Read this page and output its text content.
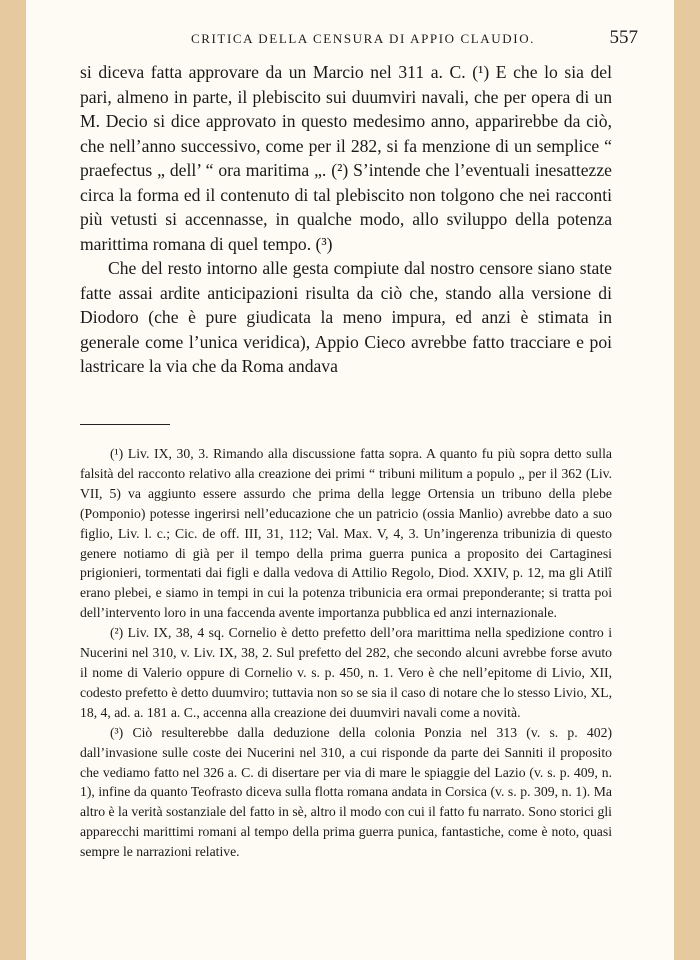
CRITICA DELLA CENSURA DI APPIO CLAUDIO.	557

si diceva fatta approvare da un Marcio nel 311 a. C. (¹) E che lo sia del pari, almeno in parte, il plebiscito sui duumviri navali, che per opera di un M. Decio si dice approvato in questo medesimo anno, apparirebbe da ciò, che nell’anno successivo, come per il 282, si fa menzione di un semplice “ praefectus „ dell’ “ ora maritima „. (²) S’intende che l’eventuali inesattezze circa la forma ed il contenuto di tal plebiscito non tolgono che nei racconti più vetusti si accennasse, in qualche modo, allo sviluppo della potenza marittima romana di quel tempo. (³)

Che del resto intorno alle gesta compiute dal nostro censore siano state fatte assai ardite anticipazioni risulta da ciò che, stando alla versione di Diodoro (che è pure giudicata la meno impura, ed anzi è stimata in generale come l’unica veridica), Appio Cieco avrebbe fatto tracciare e poi lastricare la via che da Roma andava

(¹) Liv. IX, 30, 3. Rimando alla discussione fatta sopra. A quanto fu più sopra detto sulla falsità del racconto relativo alla creazione dei primi “ tribuni militum a populo „ per il 362 (Liv. VII, 5) va aggiunto essere assurdo che prima della legge Ortensia un tribuno della plebe (Pomponio) potesse ingerirsi nell’educazione che un patricio (ossia Manlio) avrebbe dato a suo figlio, Liv. l. c.; Cic. de off. III, 31, 112; Val. Max. V, 4, 3. Un’ingerenza tribunizia di questo genere notiamo di già per il tempo della prima guerra punica a proposito dei Cartaginesi prigionieri, tormentati dai figli e dalla vedova di Attilio Regolo, Diod. XXIV, p. 12, ma gli Atilî erano plebei, e siamo in tempi in cui la potenza tribunicia era ormai preponderante; si tratta poi dell’intervento loro in una faccenda avente importanza pubblica ed anzi internazionale.

(²) Liv. IX, 38, 4 sq. Cornelio è detto prefetto dell’ora marittima nella spedizione contro i Nucerini nel 310, v. Liv. IX, 38, 2. Sul prefetto del 282, che secondo alcuni avrebbe forse avuto il nome di Valerio oppure di Cornelio v. s. p. 450, n. 1. Vero è che nell’epitome di Livio, XII, codesto prefetto è detto duumviro; tuttavia non so se sia il caso di notare che lo stesso Livio, XL, 18, 4, ad. a. 181 a. C., accenna alla creazione dei duumviri navali come a novità.

(³) Ciò resulterebbe dalla deduzione della colonia Ponzia nel 313 (v. s. p. 402) dall’invasione sulle coste dei Nucerini nel 310, a cui risponde da parte dei Sanniti il proposito che vediamo fatto nel 326 a. C. di disertare per via di mare le spiaggie del Lazio (v. s. p. 409, n. 1), infine da quanto Teofrasto diceva sulla flotta romana andata in Corsica (v. s. p. 309, n. 1). Ma altro è la verità sostanziale del fatto in sè, altro il modo con cui il fatto fu narrato. Sono storici gli apparecchi marittimi romani al tempo della prima guerra punica, fantastiche, come è noto, quasi sempre le narrazioni relative.
